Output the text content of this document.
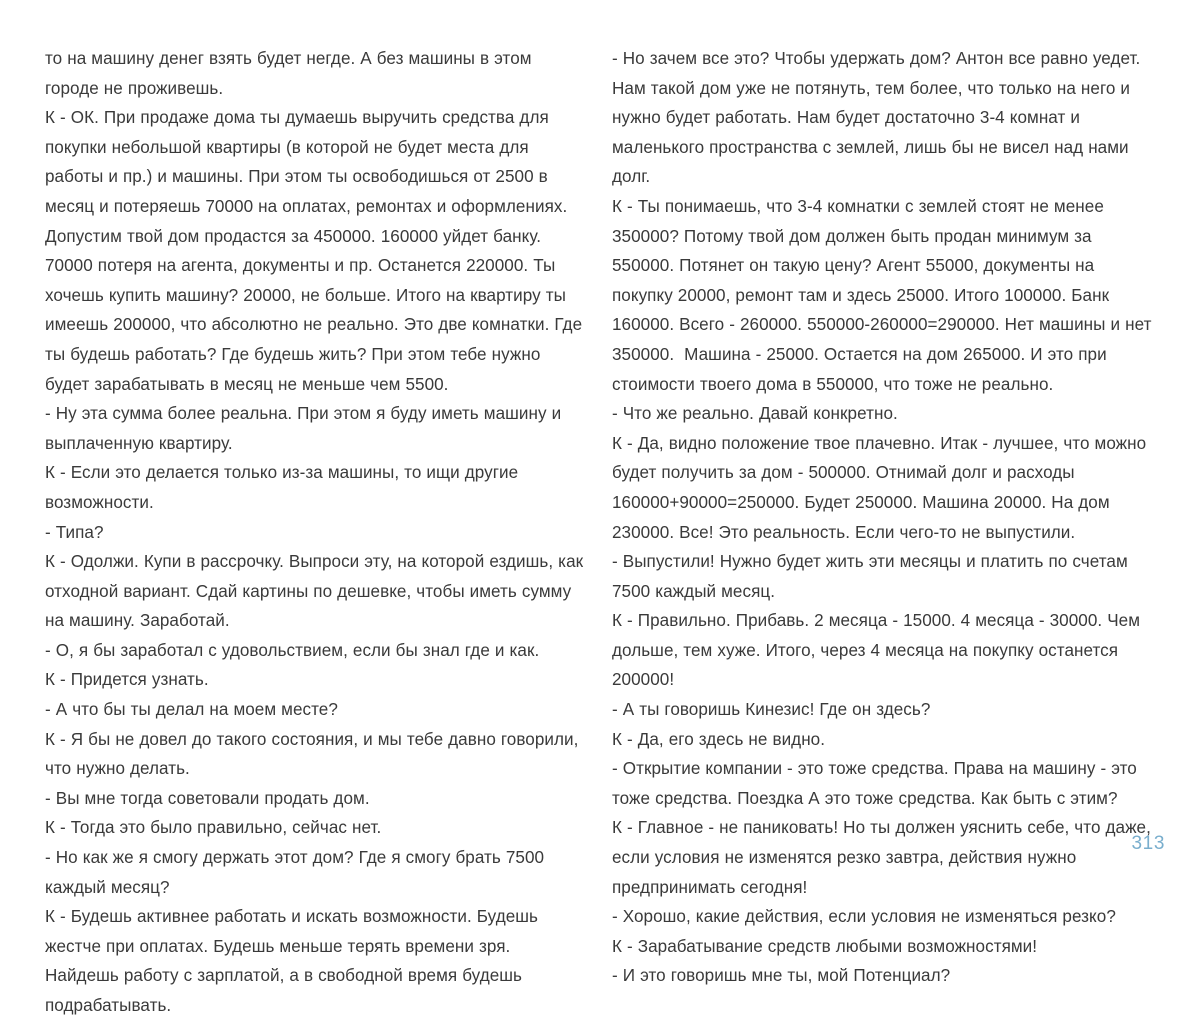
то на машину денег взять будет негде. А без машины в этом городе не проживешь.

К - ОК. При продаже дома ты думаешь выручить средства для покупки небольшой квартиры (в которой не будет места для работы и пр.) и машины. При этом ты освободишься от 2500 в месяц и потеряешь 70000 на оплатах, ремонтах и оформлениях. Допустим твой дом продастся за 450000. 160000 уйдет банку. 70000 потеря на агента, документы и пр. Останется 220000. Ты хочешь купить машину? 20000, не больше. Итого на квартиру ты имеешь 200000, что абсолютно не реально. Это две комнатки. Где ты будешь работать? Где будешь жить? При этом тебе нужно будет зарабатывать в месяц не меньше чем 5500.

- Ну эта сумма более реальна. При этом я буду иметь машину и выплаченную квартиру.

К - Если это делается только из-за машины, то ищи другие возможности.

- Типа?

К - Одолжи. Купи в рассрочку. Выпроси эту, на которой ездишь, как отходной вариант. Сдай картины по дешевке, чтобы иметь сумму на машину. Заработай.

- О, я бы заработал с удовольствием, если бы знал где и как.

К - Придется узнать.

- А что бы ты делал на моем месте?

К - Я бы не довел до такого состояния, и мы тебе давно говорили, что нужно делать.

- Вы мне тогда советовали продать дом.

К - Тогда это было правильно, сейчас нет.

- Но как же я смогу держать этот дом? Где я смогу брать 7500 каждый месяц?

К - Будешь активнее работать и искать возможности. Будешь жестче при оплатах. Будешь меньше терять времени зря. Найдешь работу с зарплатой, а в свободной время будешь подрабатывать.

- Но зачем все это? Чтобы удержать дом? Антон все равно уедет. Нам такой дом уже не потянуть, тем более, что только на него и нужно будет работать. Нам будет достаточно 3-4 комнат и маленького пространства с землей, лишь бы не висел над нами долг.

К - Ты понимаешь, что 3-4 комнатки с землей стоят не менее 350000? Потому твой дом должен быть продан минимум за 550000. Потянет он такую цену? Агент 55000, документы на покупку 20000, ремонт там и здесь 25000. Итого 100000. Банк 160000. Всего - 260000. 550000-260000=290000. Нет машины и нет 350000.  Машина - 25000. Остается на дом 265000. И это при стоимости твоего дома в 550000, что тоже не реально.

- Что же реально. Давай конкретно.

К - Да, видно положение твое плачевно. Итак - лучшее, что можно будет получить за дом - 500000. Отнимай долг и расходы 160000+90000=250000. Будет 250000. Машина 20000. На дом 230000. Все! Это реальность. Если чего-то не выпустили.

- Выпустили! Нужно будет жить эти месяцы и платить по счетам 7500 каждый месяц.

К - Правильно. Прибавь. 2 месяца - 15000. 4 месяца - 30000. Чем дольше, тем хуже. Итого, через 4 месяца на покупку останется 200000!

- А ты говоришь Кинезис! Где он здесь?

К - Да, его здесь не видно.

- Открытие компании - это тоже средства. Права на машину - это тоже средства. Поездка А это тоже средства. Как быть с этим?

К - Главное - не паниковать! Но ты должен уяснить себе, что даже, если условия не изменятся резко завтра, действия нужно предпринимать сегодня!

- Хорошо, какие действия, если условия не изменяться резко?

К - Зарабатывание средств любыми возможностями!

- И это говоришь мне ты, мой Потенциал?

313
